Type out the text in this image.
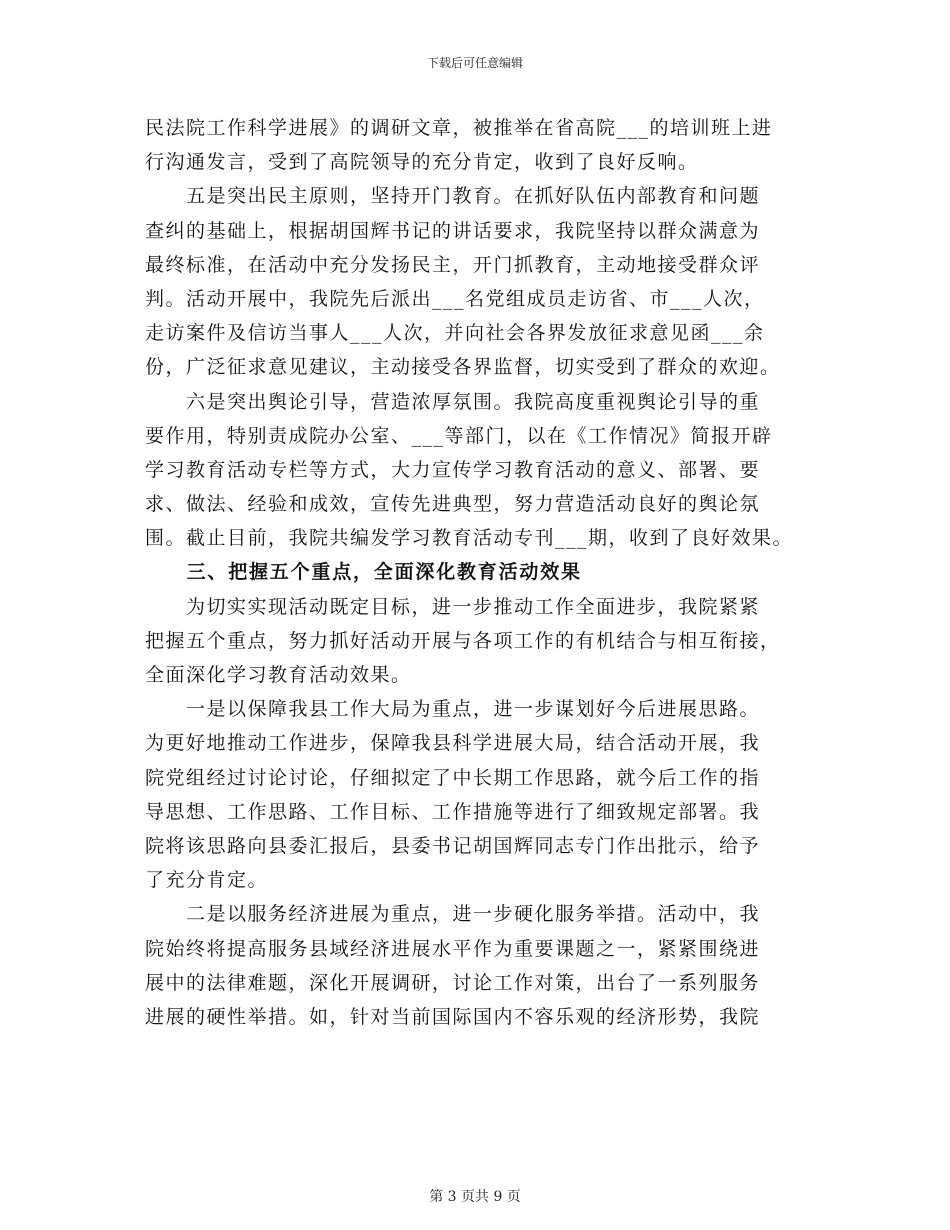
下载后可任意编辑
民法院工作科学进展》的调研文章，被推举在省高院___的培训班上进
行沟通发言，受到了高院领导的充分肯定，收到了良好反响。
　　五是突出民主原则，坚持开门教育。在抓好队伍内部教育和问题
查纠的基础上，根据胡国辉书记的讲话要求，我院坚持以群众满意为
最终标准，在活动中充分发扬民主，开门抓教育，主动地接受群众评
判。活动开展中，我院先后派出___名党组成员走访省、市___人次，
走访案件及信访当事人___人次，并向社会各界发放征求意见函___余
份，广泛征求意见建议，主动接受各界监督，切实受到了群众的欢迎。
　　六是突出舆论引导，营造浓厚氛围。我院高度重视舆论引导的重
要作用，特别责成院办公室、___等部门，以在《工作情况》简报开辟
学习教育活动专栏等方式，大力宣传学习教育活动的意义、部署、要
求、做法、经验和成效，宣传先进典型，努力营造活动良好的舆论氛
围。截止目前，我院共编发学习教育活动专刊___期，收到了良好效果。
　　三、把握五个重点，全面深化教育活动效果
　　为切实实现活动既定目标，进一步推动工作全面进步，我院紧紧
把握五个重点，努力抓好活动开展与各项工作的有机结合与相互衔接，
全面深化学习教育活动效果。
　　一是以保障我县工作大局为重点，进一步谋划好今后进展思路。
为更好地推动工作进步，保障我县科学进展大局，结合活动开展，我
院党组经过讨论讨论，仔细拟定了中长期工作思路，就今后工作的指
导思想、工作思路、工作目标、工作措施等进行了细致规定部署。我
院将该思路向县委汇报后，县委书记胡国辉同志专门作出批示，给予
了充分肯定。
　　二是以服务经济进展为重点，进一步硬化服务举措。活动中，我
院始终将提高服务县域经济进展水平作为重要课题之一，紧紧围绕进
展中的法律难题，深化开展调研，讨论工作对策，出台了一系列服务
进展的硬性举措。如，针对当前国际国内不容乐观的经济形势，我院
第 3 页共 9 页
